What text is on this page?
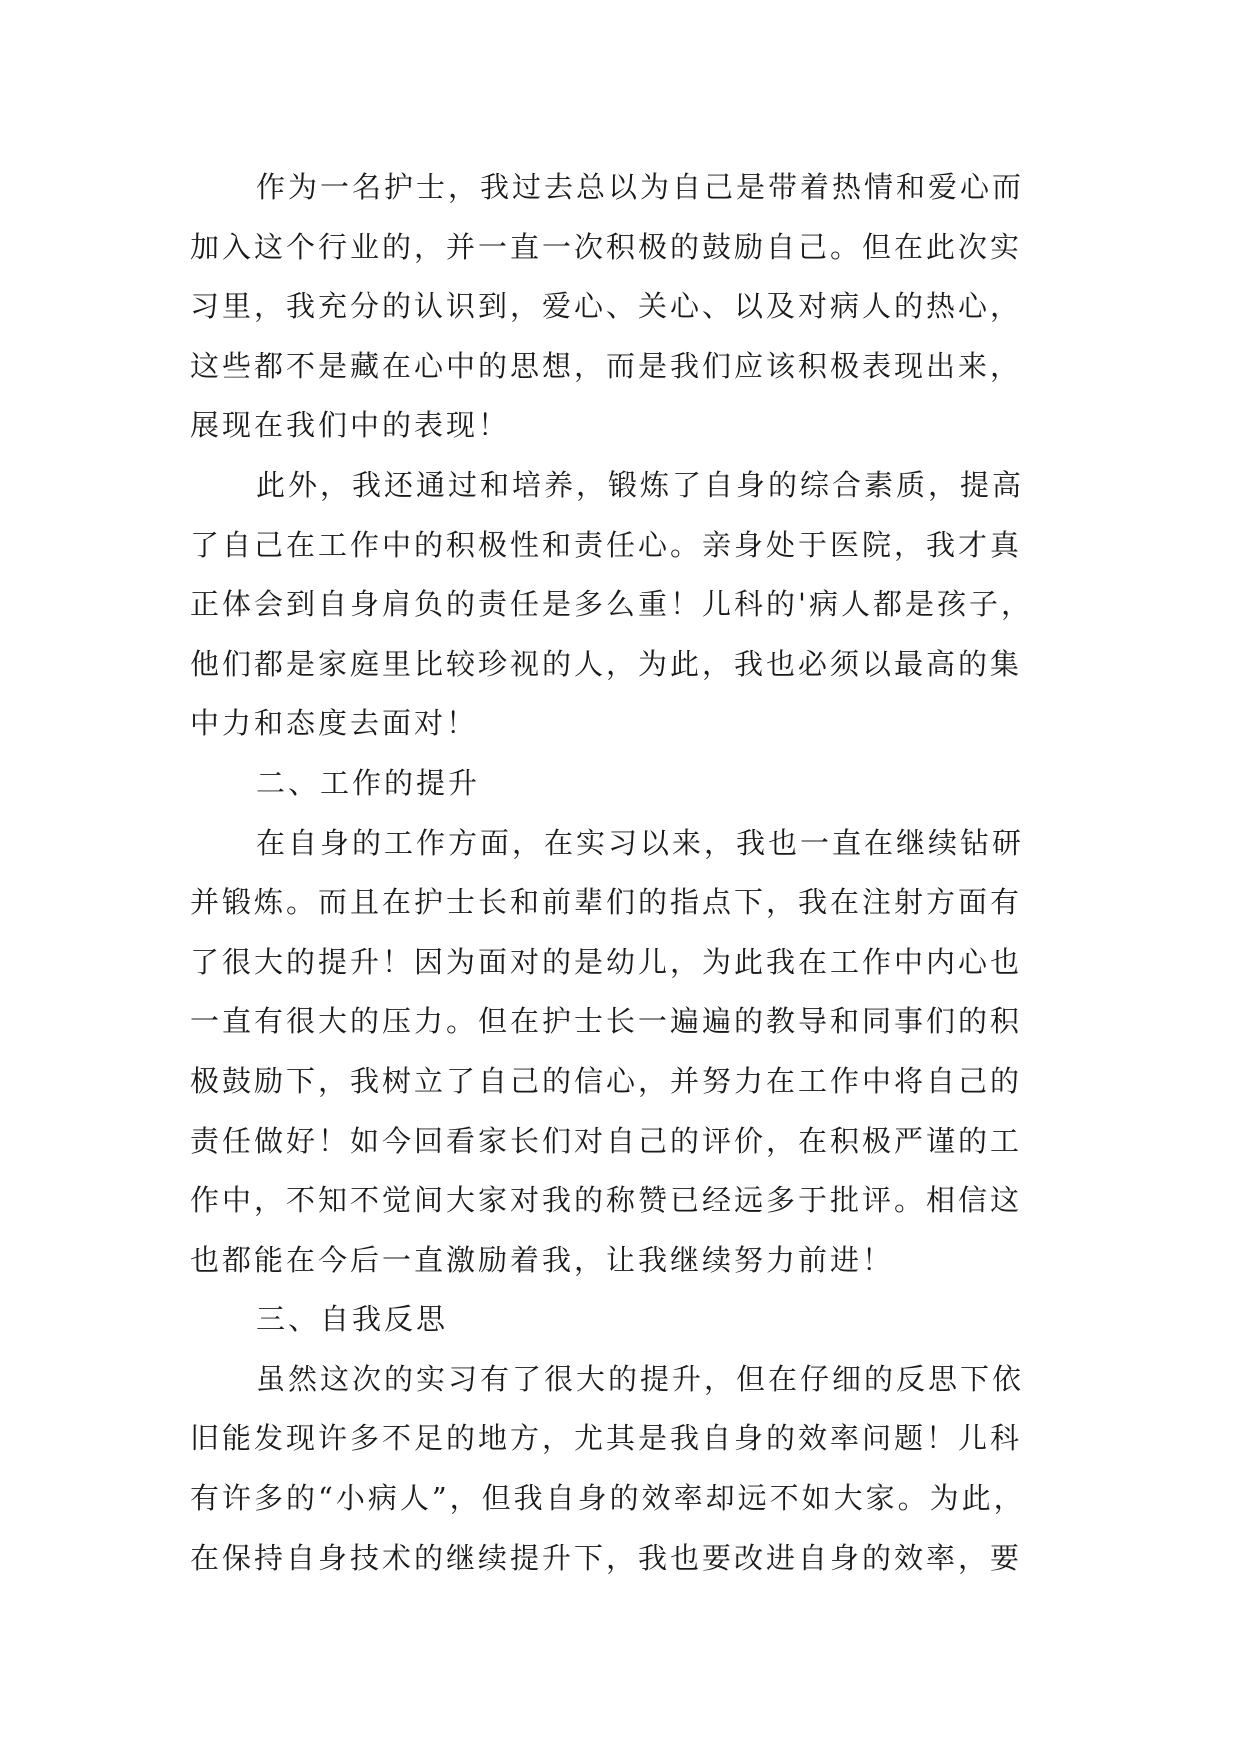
作为一名护士，我过去总以为自己是带着热情和爱心而
加入这个行业的，并一直一次积极的鼓励自己。但在此次实
习里，我充分的认识到，爱心、关心、以及对病人的热心，
这些都不是藏在心中的思想，而是我们应该积极表现出来，
展现在我们中的表现！
此外，我还通过和培养，锻炼了自身的综合素质，提高
了自己在工作中的积极性和责任心。亲身处于医院，我才真
正体会到自身肩负的责任是多么重！儿科的'病人都是孩子，
他们都是家庭里比较珍视的人，为此，我也必须以最高的集
中力和态度去面对！
二、工作的提升
在自身的工作方面，在实习以来，我也一直在继续钻研
并锻炼。而且在护士长和前辈们的指点下，我在注射方面有
了很大的提升！因为面对的是幼儿，为此我在工作中内心也
一直有很大的压力。但在护士长一遍遍的教导和同事们的积
极鼓励下，我树立了自己的信心，并努力在工作中将自己的
责任做好！如今回看家长们对自己的评价，在积极严谨的工
作中，不知不觉间大家对我的称赞已经远多于批评。相信这
也都能在今后一直激励着我，让我继续努力前进！
三、自我反思
虽然这次的实习有了很大的提升，但在仔细的反思下依
旧能发现许多不足的地方，尤其是我自身的效率问题！儿科
有许多的“小病人”，但我自身的效率却远不如大家。为此，
在保持自身技术的继续提升下，我也要改进自身的效率，要
